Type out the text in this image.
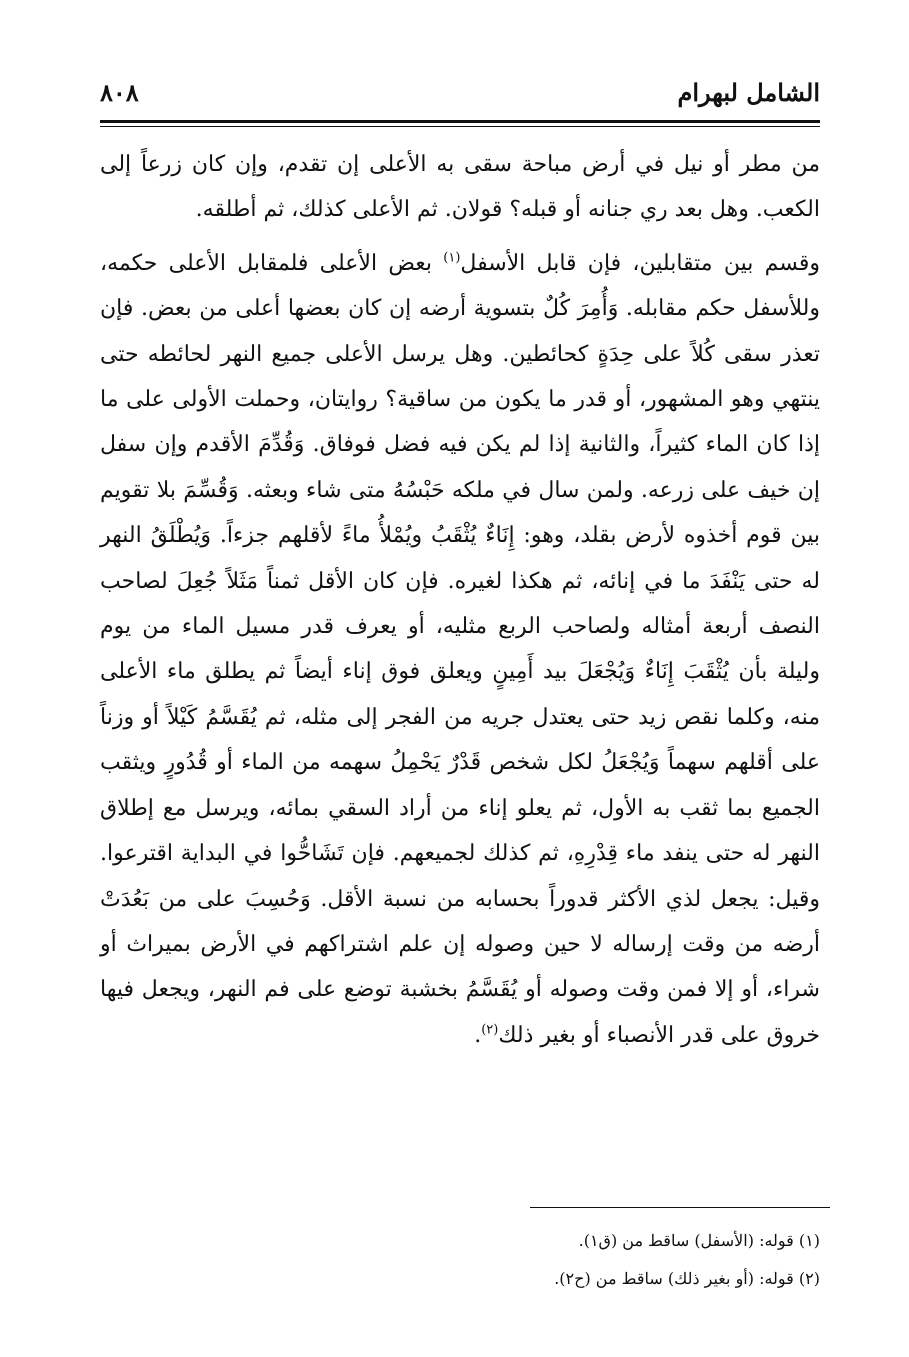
الشامل لبهرام
٨٠٨

من مطر أو نيل في أرض مباحة سقى به الأعلى إن تقدم، وإن كان زرعاً إلى الكعب. وهل بعد ري جنانه أو قبله؟ قولان. ثم الأعلى كذلك، ثم أطلقه.

وقسم بين متقابلين، فإن قابل الأسفل$^{(١)}$ بعض الأعلى فلمقابل الأعلى حكمه، وللأسفل حكم مقابله. وَأُمِرَ كُلٌ بتسوية أرضه إن كان بعضها أعلى من بعض. فإن تعذر سقى كُلاً على حِدَةٍ كحائطين. وهل يرسل الأعلى جميع النهر لحائطه حتى ينتهي وهو المشهور، أو قدر ما يكون من ساقية؟ روايتان، وحملت الأولى على ما إذا كان الماء كثيراً، والثانية إذا لم يكن فيه فضل فوفاق. وَقُدِّمَ الأقدم وإن سفل إن خيف على زرعه. ولمن سال في ملكه حَبْسُهُ متى شاء وبعثه. وَقُسِّمَ بلا تقويم بين قوم أخذوه لأرض بقلد، وهو: إِنَاءٌ يُثْقَبُ ويُمْلأُ ماءً لأقلهم جزءاً. وَيُطْلَقُ النهر له حتى يَنْفَدَ ما في إنائه، ثم هكذا لغيره. فإن كان الأقل ثمناً مَثَلاً جُعِلَ لصاحب النصف أربعة أمثاله ولصاحب الربع مثليه، أو يعرف قدر مسيل الماء من يوم وليلة بأن يُثْقَبَ إِنَاءٌ وَيُجْعَلَ بيد أَمِينٍ ويعلق فوق إناء أيضاً ثم يطلق ماء الأعلى منه، وكلما نقص زيد حتى يعتدل جريه من الفجر إلى مثله، ثم يُقَسَّمُ كَيْلاً أو وزناً على أقلهم سهماً وَيُجْعَلُ لكل شخص قَدْرٌ يَحْمِلُ سهمه من الماء أو قُدُورٍ ويثقب الجميع بما ثقب به الأول، ثم يعلو إناء من أراد السقي بمائه، ويرسل مع إطلاق النهر له حتى ينفد ماء قِدْرِهِ، ثم كذلك لجميعهم. فإن تَشَاحُّوا في البداية اقترعوا. وقيل: يجعل لذي الأكثر قدوراً بحسابه من نسبة الأقل. وَحُسِبَ على من بَعُدَتْ أرضه من وقت إرساله لا حين وصوله إن علم اشتراكهم في الأرض بميراث أو شراء، أو إلا فمن وقت وصوله أو يُقَسَّمُ بخشبة توضع على فم النهر، ويجعل فيها خروق على قدر الأنصباء أو بغير ذلك$^{(٢)}$.

(١) قوله: (الأسفل) ساقط من (ق١).
(٢) قوله: (أو بغير ذلك) ساقط من (ح٢).
